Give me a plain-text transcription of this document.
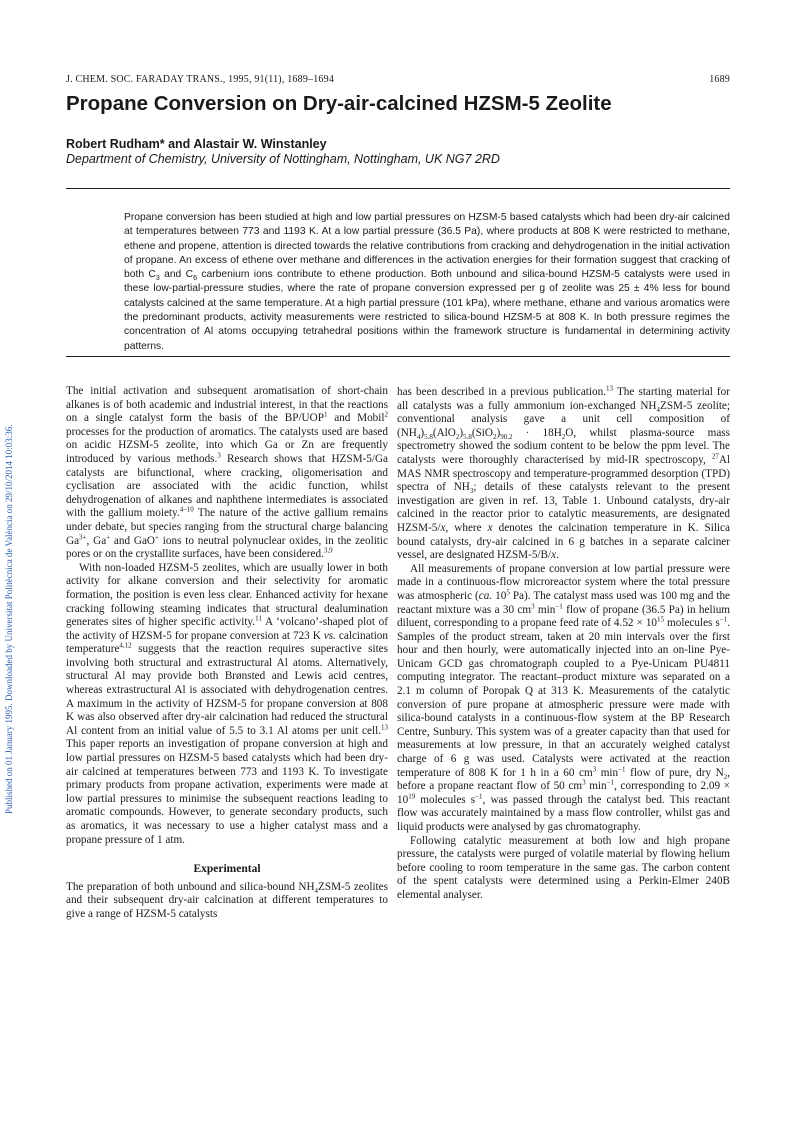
J. CHEM. SOC. FARADAY TRANS., 1995, 91(11), 1689–1694	1689
Propane Conversion on Dry-air-calcined HZSM-5 Zeolite
Robert Rudham* and Alastair W. Winstanley
Department of Chemistry, University of Nottingham, Nottingham, UK NG7 2RD

Propane conversion has been studied at high and low partial pressures on HZSM-5 based catalysts which had been dry-air calcined at temperatures between 773 and 1193 K. At a low partial pressure (36.5 Pa), where products at 808 K were restricted to methane, ethene and propene, attention is directed towards the relative contributions from cracking and dehydrogenation in the initial activation of propane. An excess of ethene over methane and differences in the activation energies for their formation suggest that cracking of both $C_3$ and $C_6$ carbenium ions contribute to ethene production. Both unbound and silica-bound HZSM-5 catalysts were used in these low-partial-pressure studies, where the rate of propane conversion expressed per g of zeolite was 25 ± 4% less for bound catalysts calcined at the same temperature. At a high partial pressure (101 kPa), where methane, ethane and various aromatics were the predominant products, activity measurements were restricted to silica-bound HZSM-5 at 808 K. In both pressure regimes the concentration of Al atoms occupying tetrahedral positions within the framework structure is fundamental in determining activity patterns.

Published on 01 January 1995. Downloaded by Universitat Politècnica de València on 29/10/2014 10:03:36.

The initial activation and subsequent aromatisation of short-chain alkanes is of both academic and industrial interest, in that the reactions on a single catalyst form the basis of the BP/UOP$^1$ and Mobil$^2$ processes for the production of aromatics. The catalysts used are based on acidic HZSM-5 zeolite, into which Ga or Zn are frequently introduced by various methods.$^3$ Research shows that HZSM-5/Ga catalysts are bifunctional, where cracking, oligomerisation and cyclisation are associated with the acidic function, whilst dehydrogenation of alkanes and naphthene intermediates is associated with the gallium moiety.$^{4-10}$ The nature of the active gallium remains under debate, but species ranging from the structural charge balancing $Ga^{3+}$, Ga+ and GaO+ ions to neutral polynuclear oxides, in the zeolitic pores or on the crystallite surfaces, have been considered.$^{3,9}$

With non-loaded HZSM-5 zeolites, which are usually lower in both activity for alkane conversion and their selectivity for aromatic formation, the position is even less clear. Enhanced activity for hexane cracking following steaming indicates that structural dealumination generates sites of higher specific activity.$^{11}$ A ‘volcano’-shaped plot of the activity of HZSM-5 for propane conversion at 723 K vs. calcination temperature$^{4,12}$ suggests that the reaction requires superactive sites involving both structural and extrastructural Al atoms. Alternatively, structural Al may provide both Brønsted and Lewis acid centres, whereas extrastructural Al is associated with dehydrogenation centres. A maximum in the activity of HZSM-5 for propane conversion at 808 K was also observed after dry-air calcination had reduced the structural Al content from an initial value of 5.5 to 3.1 Al atoms per unit cell.$^{13}$ This paper reports an investigation of propane conversion at high and low partial pressures on HZSM-5 based catalysts which had been dry-air calcined at temperatures between 773 and 1193 K. To investigate primary products from propane activation, experiments were made at low partial pressures to minimise the subsequent reactions leading to aromatic compounds. However, to generate secondary products, such as aromatics, it was necessary to use a higher catalyst mass and a propane pressure of 1 atm.

Experimental

The preparation of both unbound and silica-bound $NH_4ZSM-5$ zeolites and their subsequent dry-air calcination at different temperatures to give a range of HZSM-5 catalysts

has been described in a previous publication.$^{13}$ The starting material for all catalysts was a fully ammonium ion-exchanged $NH_4ZSM-5$ zeolite; conventional analysis gave a unit cell composition of $(NH_4)_{5.8}(AlO_2)_{5.8}(SiO_2)_{90.2} \cdot 18H_2O$, whilst plasma-source mass spectrometry showed the sodium content to be below the ppm level. The catalysts were thoroughly characterised by mid-IR spectroscopy, $^{27}$Al MAS NMR spectroscopy and temperature-programmed desorption (TPD) spectra of $NH_3$; details of these catalysts relevant to the present investigation are given in ref. 13, Table 1. Unbound catalysts, dry-air calcined in the reactor prior to catalytic measurements, are designated HZSM-5/x, where x denotes the calcination temperature in K. Silica bound catalysts, dry-air calcined in 6 g batches in a separate calciner vessel, are designated HZSM-5/B/x.

All measurements of propane conversion at low partial pressure were made in a continuous-flow microreactor system where the total pressure was atmospheric (ca. $10^5$ Pa). The catalyst mass used was 100 mg and the reactant mixture was a 30 $cm^3$ $\min^{-1}$ flow of propane (36.5 Pa) in helium diluent, corresponding to a propane feed rate of $4.52 \times 10^{15}$ molecules $s^{-1}$. Samples of the product stream, taken at 20 min intervals over the first hour and then hourly, were automatically injected into an on-line Pye-Unicam GCD gas chromatograph coupled to a Pye-Unicam PU4811 computing integrator. The reactant–product mixture was separated on a 2.1 m column of Poropak Q at 313 K. Measurements of the catalytic conversion of pure propane at atmospheric pressure were made with silica-bound catalysts in a continuous-flow system at the BP Research Centre, Sunbury. This system was of a greater capacity than that used for measurements at low pressure, in that an accurately weighed catalyst charge of 6 g was used. Catalysts were activated at the reaction temperature of 808 K for 1 h in a 60 $cm^3$ $\min^{-1}$ flow of pure, dry $N_2$, before a propane reactant flow of 50 $cm^3$ $\min^{-1}$, corresponding to $2.09 \times 10^{19}$ molecules $s^{-1}$, was passed through the catalyst bed. This reactant flow was accurately maintained by a mass flow controller, whilst gas and liquid products were analysed by gas chromatography.

Following catalytic measurement at both low and high propane pressure, the catalysts were purged of volatile material by flowing helium before cooling to room temperature in the same gas. The carbon content of the spent catalysts were determined using a Perkin-Elmer 240B elemental analyser.
